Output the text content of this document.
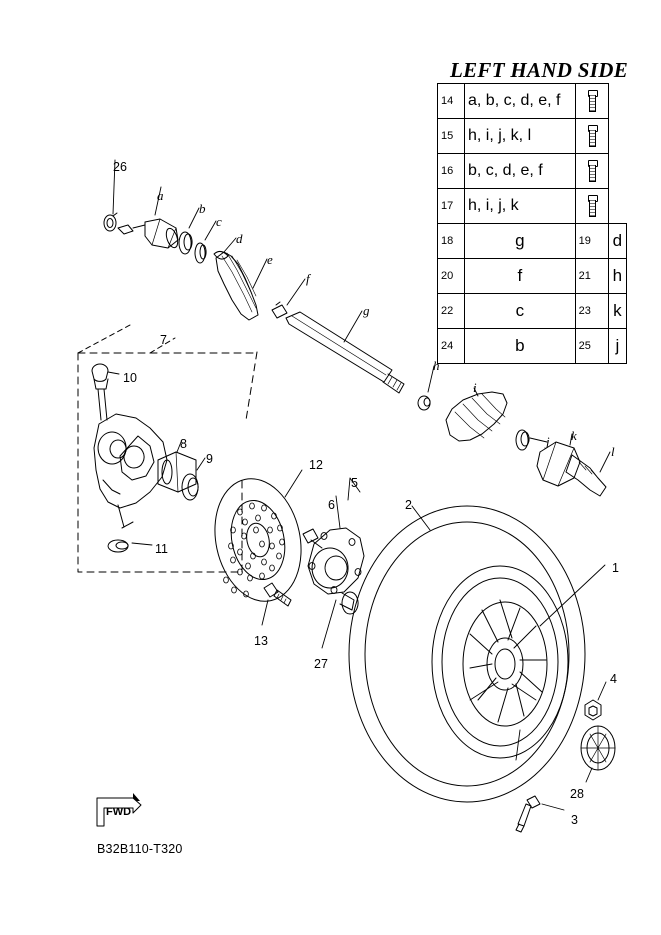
LEFT HAND SIDE
14	a, b, c, d, e, f		

15	h, i, j, k, l		

16	b, c, d, e, f		

17	h, i, j, k		

18	g	19	d
20	f	21	h
22	c	23	k
24	b	25	j
26
a
b
c
d
e
f
g
h
i
j k
l
7
10
8
9
11
12
5
6	2
13
27
1
4
28
3
FWD
B32B110-T320
